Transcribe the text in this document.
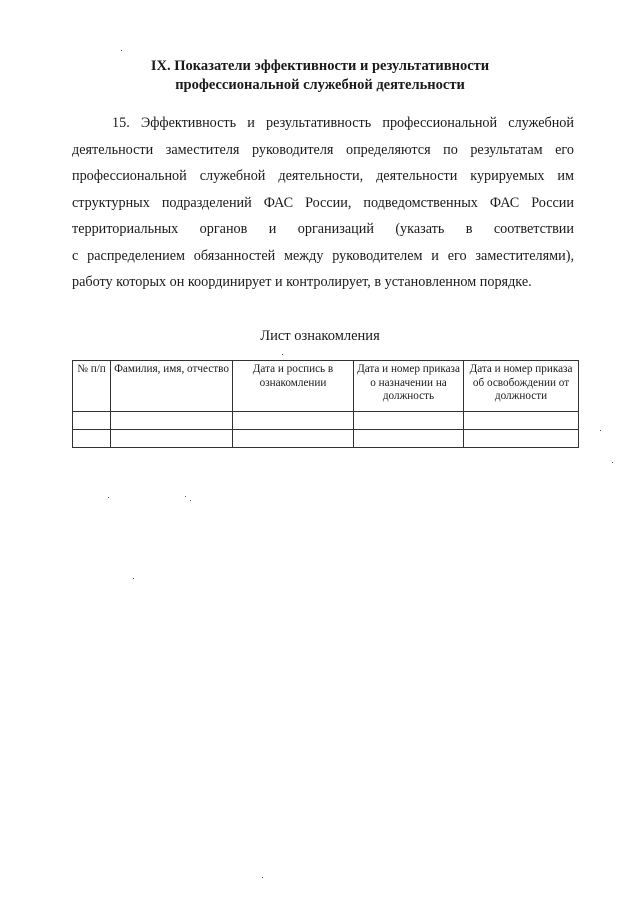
IX. Показатели эффективности и результативности
профессиональной служебной деятельности
15. Эффективность и результативность профессиональной служебной
деятельности заместителя руководителя определяются по результатам его
профессиональной служебной деятельности, деятельности курируемых им
структурных подразделений ФАС России, подведомственных ФАС России
территориальных органов и организаций (указать в соответствии
с распределением обязанностей между руководителем и его заместителями),
работу которых он координирует и контролирует, в установленном порядке.
Лист ознакомления
№ п/п	Фамилия, имя, отчество	Дата и роспись в ознакомлении	Дата и номер приказа о назначении на должность	Дата и номер приказа об освобождении от должности
